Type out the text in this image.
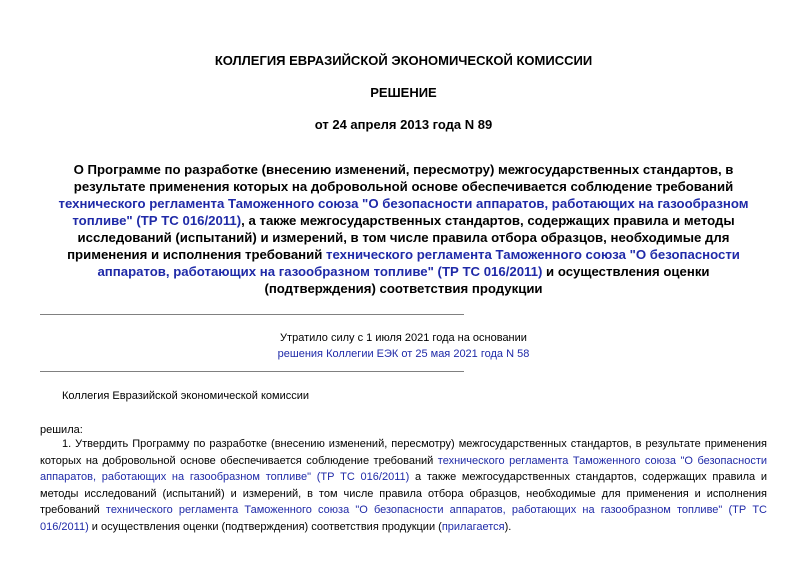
КОЛЛЕГИЯ ЕВРАЗИЙСКОЙ ЭКОНОМИЧЕСКОЙ КОМИССИИ
РЕШЕНИЕ
от 24 апреля 2013 года N 89
О Программе по разработке (внесению изменений, пересмотру) межгосударственных стандартов, в результате применения которых на добровольной основе обеспечивается соблюдение требований технического регламента Таможенного союза "О безопасности аппаратов, работающих на газообразном топливе" (ТР ТС 016/2011), а также межгосударственных стандартов, содержащих правила и методы исследований (испытаний) и измерений, в том числе правила отбора образцов, необходимые для применения и исполнения требований технического регламента Таможенного союза "О безопасности аппаратов, работающих на газообразном топливе" (ТР ТС 016/2011) и осуществления оценки (подтверждения) соответствия продукции
Утратило силу с 1 июля 2021 года на основании
решения Коллегии ЕЭК от 25 мая 2021 года N 58
Коллегия Евразийской экономической комиссии
решила:
1. Утвердить Программу по разработке (внесению изменений, пересмотру) межгосударственных стандартов, в результате применения которых на добровольной основе обеспечивается соблюдение требований технического регламента Таможенного союза "О безопасности аппаратов, работающих на газообразном топливе" (ТР ТС 016/2011) а также межгосударственных стандартов, содержащих правила и методы исследований (испытаний) и измерений, в том числе правила отбора образцов, необходимые для применения и исполнения требований технического регламента Таможенного союза "О безопасности аппаратов, работающих на газообразном топливе" (ТР ТС 016/2011) и осуществления оценки (подтверждения) соответствия продукции (прилагается).
